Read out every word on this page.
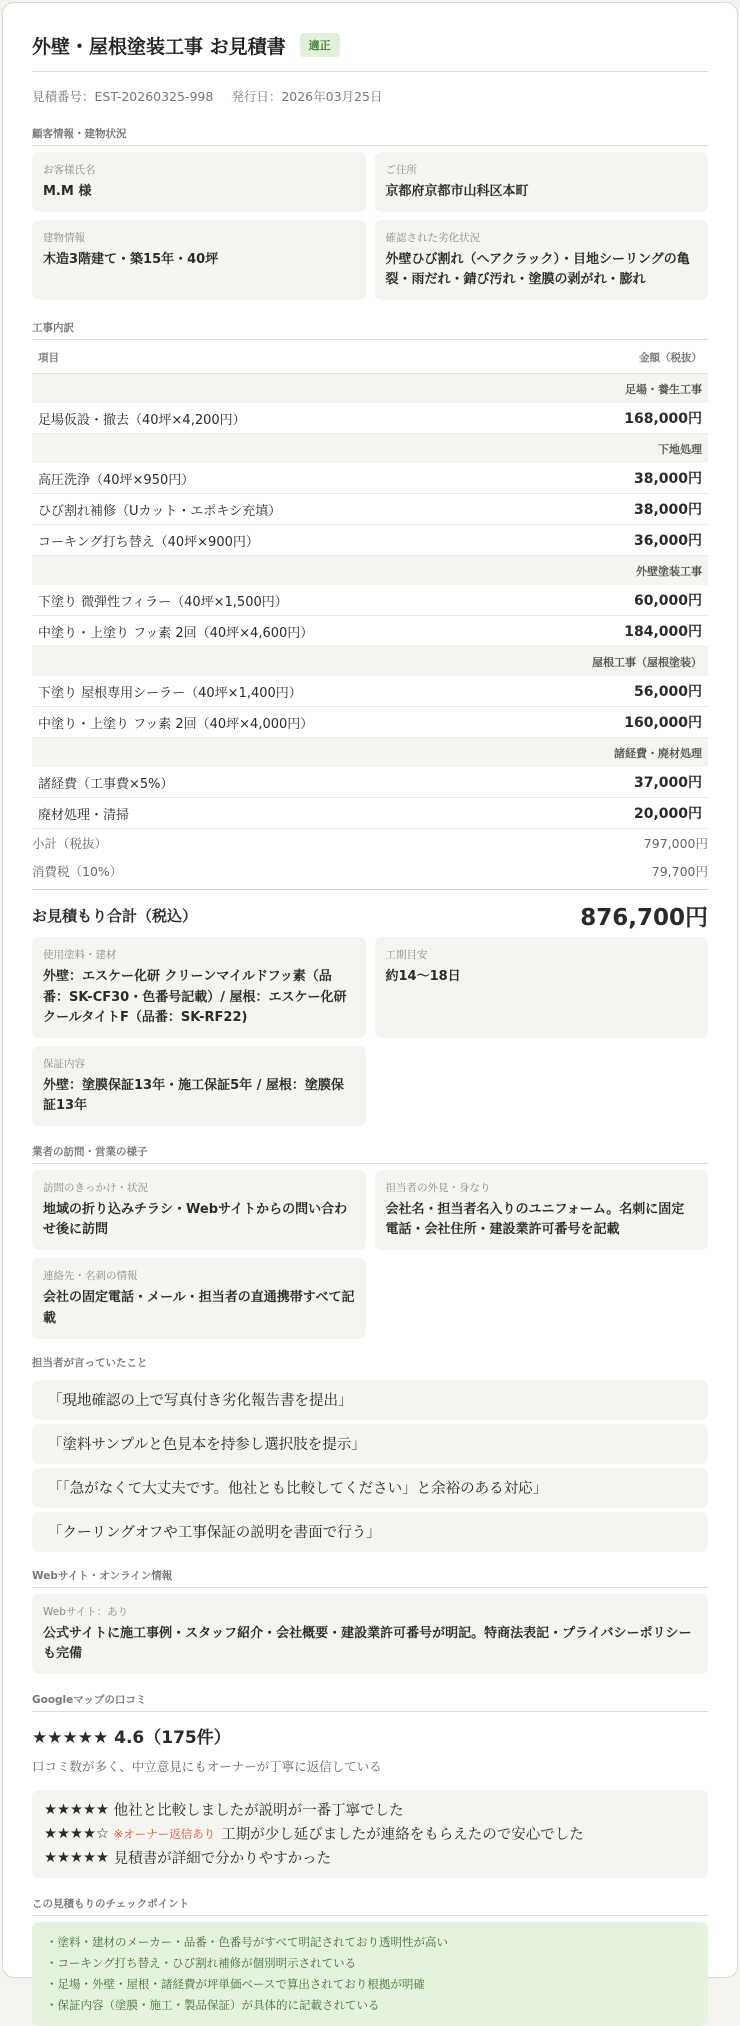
外壁・屋根塗装工事 お見積書	適正
見積番号：EST-20260325-998 発行日：2026年03月25日
顧客情報・建物状況
お客様氏名
M.M 様
ご住所
京都府京都市山科区本町
建物情報
木造3階建て・築15年・40坪
確認された劣化状況
外壁ひび割れ（ヘアクラック）・目地シーリングの亀裂・雨だれ・錆び汚れ・塗膜の剥がれ・膨れ
工事内訳
項目	金額（税抜）
足場・養生工事	
足場仮設・撤去（40坪×4,200円）	168,000円
下地処理	
高圧洗浄（40坪×950円）	38,000円
ひび割れ補修（Uカット・エポキシ充填）	38,000円
コーキング打ち替え（40坪×900円）	36,000円
外壁塗装工事	
下塗り 微弾性フィラー（40坪×1,500円）	60,000円
中塗り・上塗り フッ素 2回（40坪×4,600円）	184,000円
屋根工事（屋根塗装）	
下塗り 屋根専用シーラー（40坪×1,400円）	56,000円
中塗り・上塗り フッ素 2回（40坪×4,000円）	160,000円
諸経費・廃材処理	
諸経費（工事費×5%）	37,000円
廃材処理・清掃	20,000円
小計（税抜）	797,000円
消費税（10%）	79,700円
お見積もり合計（税込）	876,700円
使用塗料・建材
外壁：エスケー化研 クリーンマイルドフッ素（品番：SK-CF30・色番号記載）/ 屋根：エスケー化研 クールタイトF（品番：SK-RF22)
工期目安
約14〜18日
保証内容
外壁：塗膜保証13年・施工保証5年 / 屋根：塗膜保証13年
業者の訪問・営業の様子
訪問のきっかけ・状況
地域の折り込みチラシ・Webサイトからの問い合わせ後に訪問
担当者の外見・身なり
会社名・担当者名入りのユニフォーム。名刺に固定電話・会社住所・建設業許可番号を記載
連絡先・名刺の情報
会社の固定電話・メール・担当者の直通携帯すべて記載
担当者が言っていたこと
「現地確認の上で写真付き劣化報告書を提出」
「塗料サンプルと色見本を持参し選択肢を提示」
「「急がなくて大丈夫です。他社とも比較してください」と余裕のある対応」
「クーリングオフや工事保証の説明を書面で行う」
Webサイト・オンライン情報
Webサイト：あり
公式サイトに施工事例・スタッフ紹介・会社概要・建設業許可番号が明記。特商法表記・プライバシーポリシーも完備
Googleマップの口コミ
★★★★★ 4.6（175件）
口コミ数が多く、中立意見にもオーナーが丁寧に返信している
★★★★★
他社と比較しましたが説明が一番丁寧でした
★★★★☆
※オーナー返信あり 工期が少し延びましたが連絡をもらえたので安心でした
★★★★★
見積書が詳細で分かりやすかった
この見積もりのチェックポイント
・塗料・建材のメーカー・品番・色番号がすべて明記されており透明性が高い
・コーキング打ち替え・ひび割れ補修が個別明示されている
・足場・外壁・屋根・諸経費が坪単価ベースで算出されており根拠が明確
・保証内容（塗膜・施工・製品保証）が具体的に記載されている
